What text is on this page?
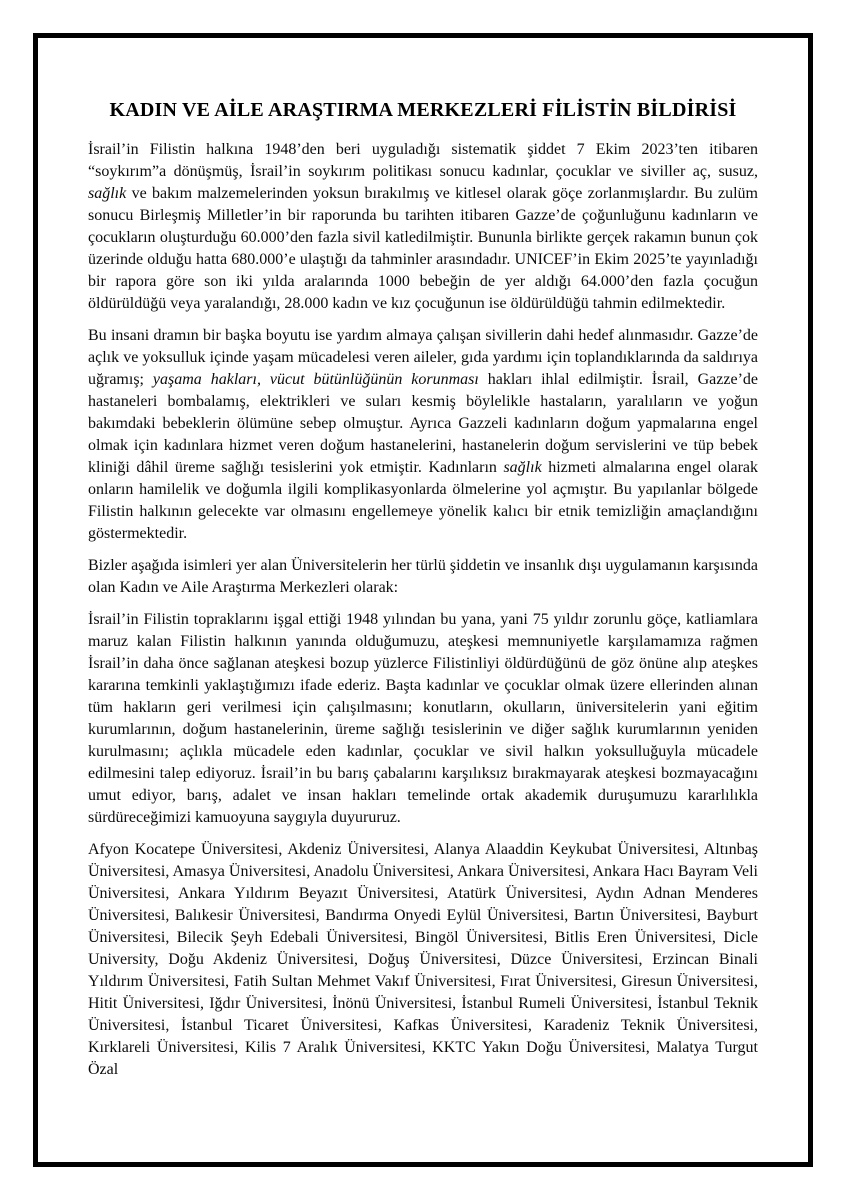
KADIN VE AİLE ARAŞTIRMA MERKEZLERİ FİLİSTİN BİLDİRİSİ

İsrail’in Filistin halkına 1948’den beri uyguladığı sistematik şiddet 7 Ekim 2023’ten itibaren “soykırım”a dönüşmüş, İsrail’in soykırım politikası sonucu kadınlar, çocuklar ve siviller aç, susuz, sağlık ve bakım malzemelerinden yoksun bırakılmış ve kitlesel olarak göçe zorlanmışlardır. Bu zulüm sonucu Birleşmiş Milletler’in bir raporunda bu tarihten itibaren Gazze’de çoğunluğunu kadınların ve çocukların oluşturduğu 60.000’den fazla sivil katledilmiştir. Bununla birlikte gerçek rakamın bunun çok üzerinde olduğu hatta 680.000’e ulaştığı da tahminler arasındadır. UNICEF’in Ekim 2025’te yayınladığı bir rapora göre son iki yılda aralarında 1000 bebeğin de yer aldığı 64.000’den fazla çocuğun öldürüldüğü veya yaralandığı, 28.000 kadın ve kız çocuğunun ise öldürüldüğü tahmin edilmektedir.

Bu insani dramın bir başka boyutu ise yardım almaya çalışan sivillerin dahi hedef alınmasıdır. Gazze’de açlık ve yoksulluk içinde yaşam mücadelesi veren aileler, gıda yardımı için toplandıklarında da saldırıya uğramış; yaşama hakları, vücut bütünlüğünün korunması hakları ihlal edilmiştir. İsrail, Gazze’de hastaneleri bombalamış, elektrikleri ve suları kesmiş böylelikle hastaların, yaralıların ve yoğun bakımdaki bebeklerin ölümüne sebep olmuştur. Ayrıca Gazzeli kadınların doğum yapmalarına engel olmak için kadınlara hizmet veren doğum hastanelerini, hastanelerin doğum servislerini ve tüp bebek kliniği dâhil üreme sağlığı tesislerini yok etmiştir. Kadınların sağlık hizmeti almalarına engel olarak onların hamilelik ve doğumla ilgili komplikasyonlarda ölmelerine yol açmıştır. Bu yapılanlar bölgede Filistin halkının gelecekte var olmasını engellemeye yönelik kalıcı bir etnik temizliğin amaçlandığını göstermektedir.

Bizler aşağıda isimleri yer alan Üniversitelerin her türlü şiddetin ve insanlık dışı uygulamanın karşısında olan Kadın ve Aile Araştırma Merkezleri olarak:

İsrail’in Filistin topraklarını işgal ettiği 1948 yılından bu yana, yani 75 yıldır zorunlu göçe, katliamlara maruz kalan Filistin halkının yanında olduğumuzu, ateşkesi memnuniyetle karşılamamıza rağmen İsrail’in daha önce sağlanan ateşkesi bozup yüzlerce Filistinliyi öldürdüğünü de göz önüne alıp ateşkes kararına temkinli yaklaştığımızı ifade ederiz. Başta kadınlar ve çocuklar olmak üzere ellerinden alınan tüm hakların geri verilmesi için çalışılmasını; konutların, okulların, üniversitelerin yani eğitim kurumlarının, doğum hastanelerinin, üreme sağlığı tesislerinin ve diğer sağlık kurumlarının yeniden kurulmasını; açlıkla mücadele eden kadınlar, çocuklar ve sivil halkın yoksulluğuyla mücadele edilmesini talep ediyoruz. İsrail’in bu barış çabalarını karşılıksız bırakmayarak ateşkesi bozmayacağını umut ediyor, barış, adalet ve insan hakları temelinde ortak akademik duruşumuzu kararlılıkla sürdüreceğimizi kamuoyuna saygıyla duyururuz.

Afyon Kocatepe Üniversitesi, Akdeniz Üniversitesi, Alanya Alaaddin Keykubat Üniversitesi, Altınbaş Üniversitesi, Amasya Üniversitesi, Anadolu Üniversitesi, Ankara Üniversitesi, Ankara Hacı Bayram Veli Üniversitesi, Ankara Yıldırım Beyazıt Üniversitesi, Atatürk Üniversitesi, Aydın Adnan Menderes Üniversitesi, Balıkesir Üniversitesi, Bandırma Onyedi Eylül Üniversitesi, Bartın Üniversitesi, Bayburt Üniversitesi, Bilecik Şeyh Edebali Üniversitesi, Bingöl Üniversitesi, Bitlis Eren Üniversitesi, Dicle University, Doğu Akdeniz Üniversitesi, Doğuş Üniversitesi, Düzce Üniversitesi, Erzincan Binali Yıldırım Üniversitesi, Fatih Sultan Mehmet Vakıf Üniversitesi, Fırat Üniversitesi, Giresun Üniversitesi, Hitit Üniversitesi, Iğdır Üniversitesi, İnönü Üniversitesi, İstanbul Rumeli Üniversitesi, İstanbul Teknik Üniversitesi, İstanbul Ticaret Üniversitesi, Kafkas Üniversitesi, Karadeniz Teknik Üniversitesi, Kırklareli Üniversitesi, Kilis 7 Aralık Üniversitesi, KKTC Yakın Doğu Üniversitesi, Malatya Turgut Özal
